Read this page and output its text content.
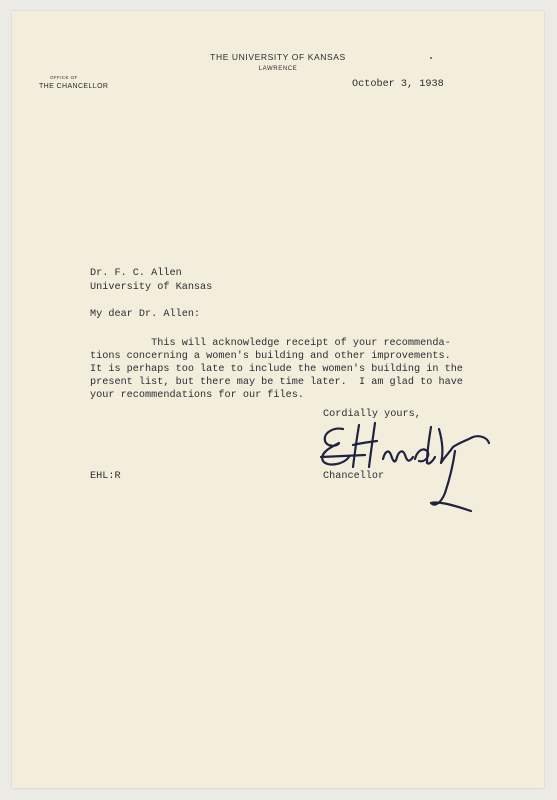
THE UNIVERSITY OF KANSAS
LAWRENCE
OFFICE OF
THE CHANCELLOR	October 3, 1938
Dr. F. C. Allen
University of Kansas
My dear Dr. Allen:
This will acknowledge receipt of your recommenda-
tions concerning a women's building and other improvements.
It is perhaps too late to include the women's building in the
present list, but there may be time later.  I am glad to have
your recommendations for our files.
Cordially yours,
EHL:R	Chancellor
